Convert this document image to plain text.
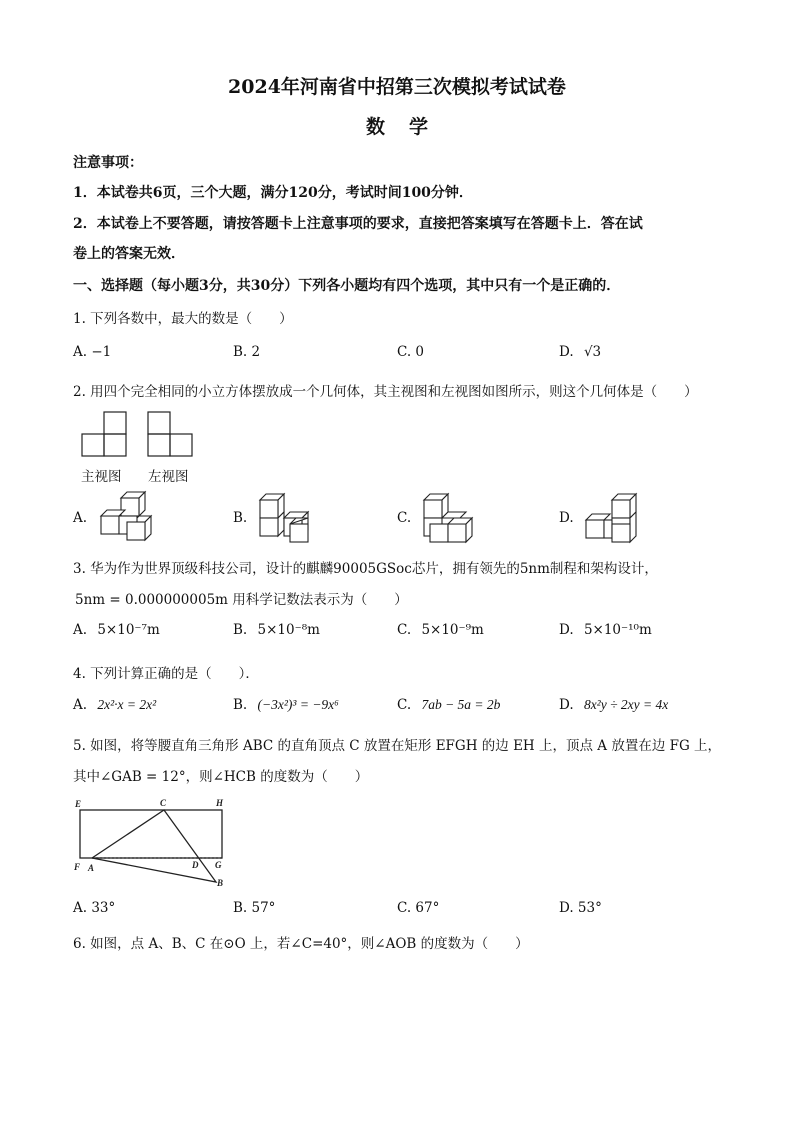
2024年河南省中招第三次模拟考试试卷
数学
注意事项：
1．本试卷共6页，三个大题，满分120分，考试时间100分钟．
2．本试卷上不要答题，请按答题卡上注意事项的要求，直接把答案填写在答题卡上．答在试
卷上的答案无效．
一、选择题（每小题3分，共30分）下列各小题均有四个选项，其中只有一个是正确的．
1. 下列各数中，最大的数是（　　）
A. −1	B. 2	C. 0	D. √3
2. 用四个完全相同的小立方体摆放成一个几何体，其主视图和左视图如图所示，则这个几何体是（　　）
主视图 左视图
A.	B.	C.	D.
3. 华为作为世界顶级科技公司，设计的麒麟90005GSoc芯片，拥有领先的5nm制程和架构设计，
5nm = 0.000000005m 用科学记数法表示为（　　）
A. 5×10⁻⁷m	B. 5×10⁻⁸m	C. 5×10⁻⁹m	D. 5×10⁻¹⁰m
4. 下列计算正确的是（　　）．
A. 2x²·x = 2x²	B. (−3x²)³ = −9x⁶	C. 7ab − 5a = 2b	D. 8x²y ÷ 2xy = 4x
5. 如图，将等腰直角三角形 ABC 的直角顶点 C 放置在矩形 EFGH 的边 EH 上，顶点 A 放置在边 FG 上，
其中∠GAB = 12°，则∠HCB 的度数为（　　）
E	C	H
F A	D G
B
A. 33°	B. 57°	C. 67°	D. 53°
6. 如图，点 A、B、C 在⊙O 上，若∠C=40°，则∠AOB 的度数为（　　）
